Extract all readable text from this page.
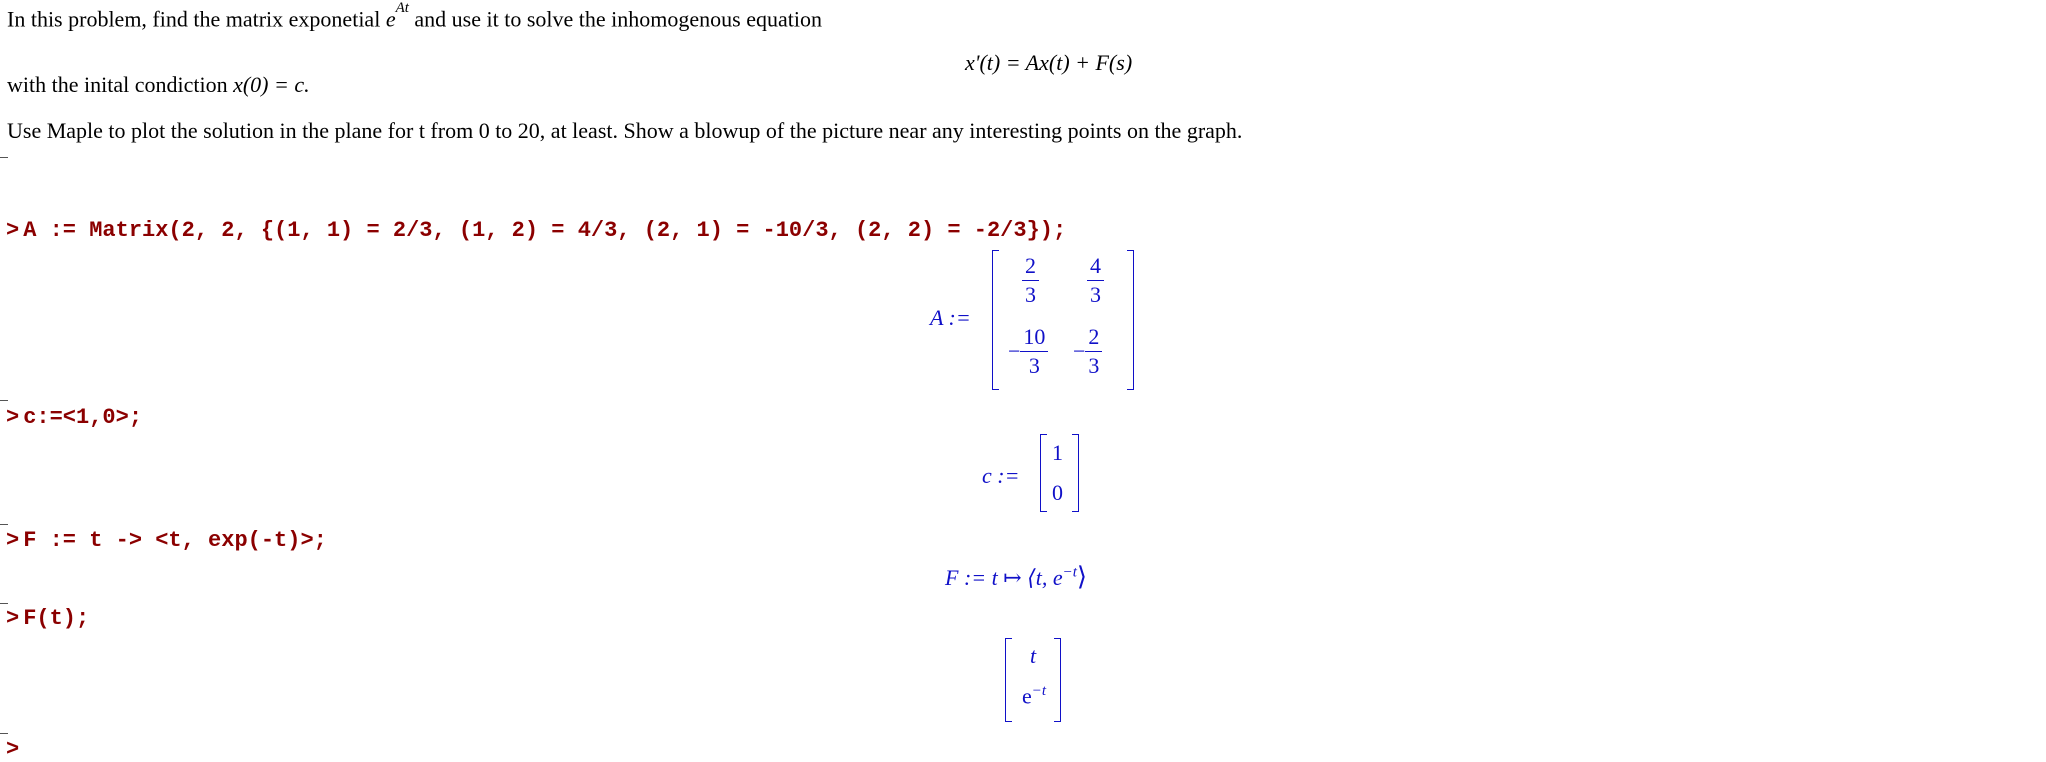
In this problem, find the matrix exponetial $e^{At}$ and use it to solve the inhomogenous equation
x'(t) = Ax(t) + F(s)
with the inital condiction x(0) = c.
Use Maple to plot the solution in the plane for t from 0 to 20, at least. Show a blowup of the picture near any interesting points on the graph.
> A := Matrix(2, 2, {(1, 1) = 2/3, (1, 2) = 4/3, (2, 1) = -10/3, (2, 2) = -2/3});
A :=
$\frac{2}{3} \frac{4}{3}$
− $\frac{10}{3} - \frac{2}{3}$
> c:=<1,0>;
c :=
1
0
> F := t -> <t, exp(-t)>;
F := t ↦ ⟨t, $e^{-t}⟩$
> F(t);
t
$e^{-t}$
>
